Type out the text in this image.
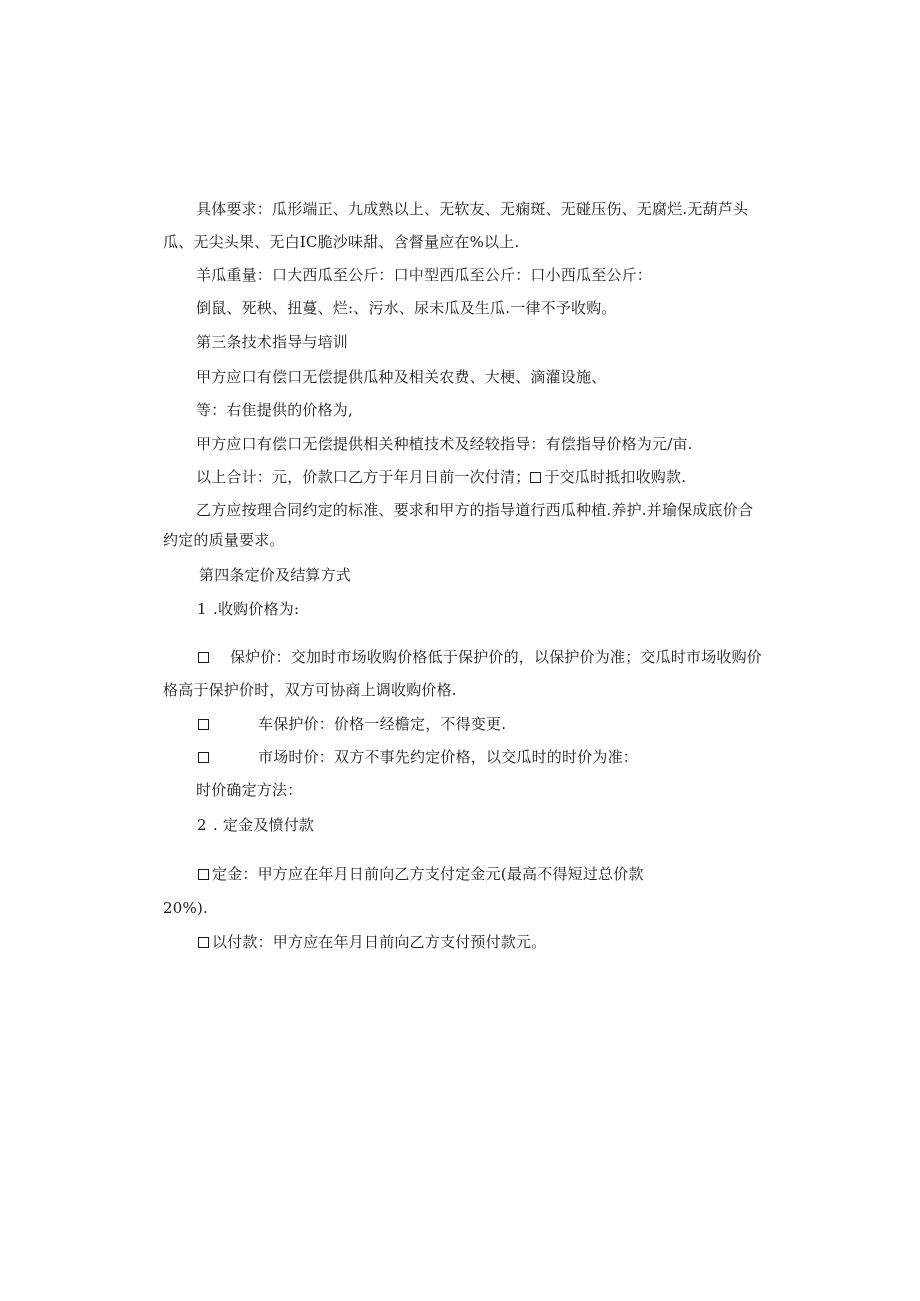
具体要求：瓜形端正、九成熟以上、无软友、无痫斑、无碰压伤、无腐烂.无葫芦头
瓜、无尖头果、无白IC脆沙味甜、含督量应在%以上.
羊瓜重量：口大西瓜至公斤：口中型西瓜至公斤：口小西瓜至公斤：
倒鼠、死秧、扭蔓、烂:、污水、尿未瓜及生瓜.一律不予收购。
第三条技术指导与培训
甲方应口有偿口无偿提供瓜种及相关农费、大梗、滴灌设施、
等：右隹提供的价格为,
甲方应口有偿口无偿提供相关种植技术及经较指导：有偿指导价格为元/亩.
以上合计：元，价款口乙方于年月日前一次付清； 于交瓜时抵扣收购款.
乙方应按理合同约定的标准、要求和甲方的指导道行西瓜种植.养护.并瑜保成底价合
约定的质量要求。
第四条定价及结算方式
1 .收购价格为:
保炉价：交加时市场收购价格低于保护价的，以保护价为准；交瓜时市场收购价
格高于保护价时，双方可协商上调收购价格.
车保护价：价格一经檐定，不得变更.
市场时价：双方不事先约定价格，以交瓜时的时价为准：
时价确定方法：
2 . 定金及愤付款
定金：甲方应在年月日前向乙方支付定金元(最高不得短过总价款
20%).
以付款：甲方应在年月日前向乙方支付预付款元。
